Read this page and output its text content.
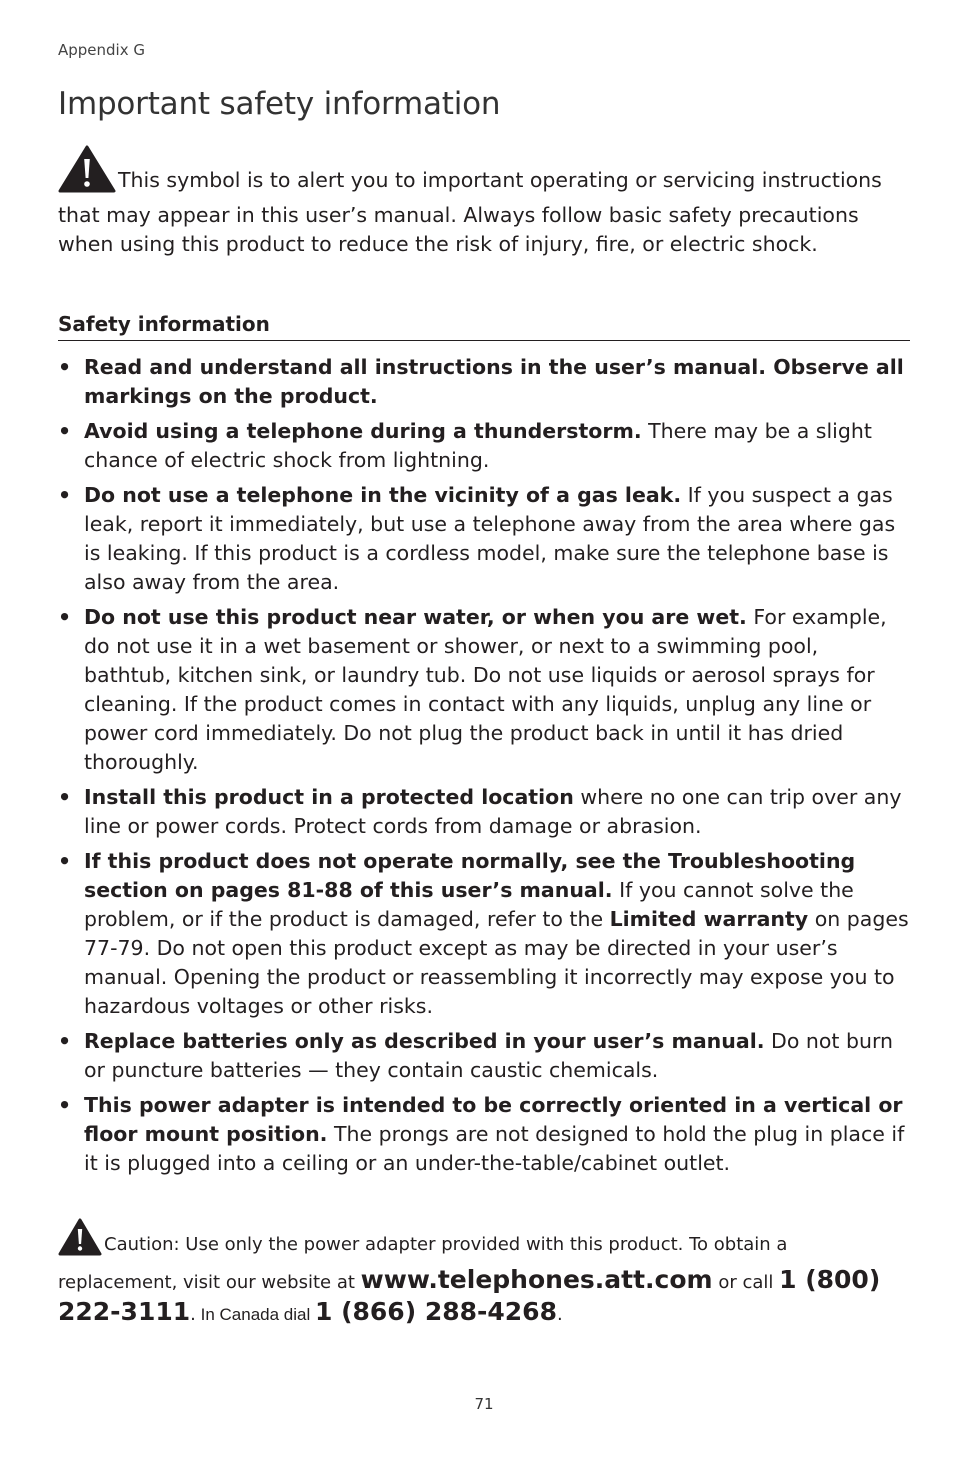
Appendix G
Important safety information

This symbol is to alert you to important operating or servicing instructions that may appear in this user’s manual. Always follow basic safety precautions when using this product to reduce the risk of injury, fire, or electric shock.

Safety information
• Read and understand all instructions in the user’s manual. Observe all markings on the product.
• Avoid using a telephone during a thunderstorm. There may be a slight chance of electric shock from lightning.
• Do not use a telephone in the vicinity of a gas leak. If you suspect a gas leak, report it immediately, but use a telephone away from the area where gas is leaking. If this product is a cordless model, make sure the telephone base is also away from the area.
• Do not use this product near water, or when you are wet. For example, do not use it in a wet basement or shower, or next to a swimming pool, bathtub, kitchen sink, or laundry tub. Do not use liquids or aerosol sprays for cleaning. If the product comes in contact with any liquids, unplug any line or power cord immediately. Do not plug the product back in until it has dried thoroughly.
• Install this product in a protected location where no one can trip over any line or power cords. Protect cords from damage or abrasion.
• If this product does not operate normally, see the Troubleshooting section on pages 81-88 of this user’s manual. If you cannot solve the problem, or if the product is damaged, refer to the Limited warranty on pages 77-79. Do not open this product except as may be directed in your user’s manual. Opening the product or reassembling it incorrectly may expose you to hazardous voltages or other risks.
• Replace batteries only as described in your user’s manual. Do not burn or puncture batteries — they contain caustic chemicals.
• This power adapter is intended to be correctly oriented in a vertical or floor mount position. The prongs are not designed to hold the plug in place if it is plugged into a ceiling or an under-the-table/cabinet outlet.

Caution: Use only the power adapter provided with this product. To obtain a replacement, visit our website at www.telephones.att.com or call 1 (800) 222-3111. In Canada dial 1 (866) 288-4268.

71
